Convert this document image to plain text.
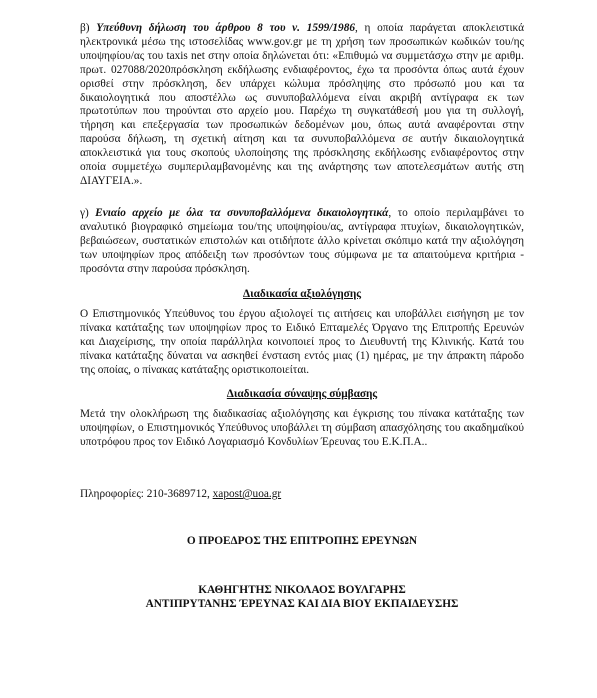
β) Υπεύθυνη δήλωση του άρθρου 8 του ν. 1599/1986, η οποία παράγεται αποκλειστικά ηλεκτρονικά μέσω της ιστοσελίδας www.gov.gr με τη χρήση των προσωπικών κωδικών του/ης υποψηφίου/ας του taxis net στην οποία δηλώνεται ότι: «Επιθυμώ να συμμετάσχω στην με αριθμ. πρωτ. 027088/2020πρόσκληση εκδήλωσης ενδιαφέροντος, έχω τα προσόντα όπως αυτά έχουν ορισθεί στην πρόσκληση, δεν υπάρχει κώλυμα πρόσληψης στο πρόσωπό μου και τα δικαιολογητικά που αποστέλλω ως συνυποβαλλόμενα είναι ακριβή αντίγραφα εκ των πρωτοτύπων που τηρούνται στο αρχείο μου. Παρέχω τη συγκατάθεσή μου για τη συλλογή, τήρηση και επεξεργασία των προσωπικών δεδομένων μου, όπως αυτά αναφέρονται στην παρούσα δήλωση, τη σχετική αίτηση και τα συνυποβαλλόμενα σε αυτήν δικαιολογητικά αποκλειστικά για τους σκοπούς υλοποίησης της πρόσκλησης εκδήλωσης ενδιαφέροντος στην οποία συμμετέχω συμπεριλαμβανομένης και της ανάρτησης των αποτελεσμάτων αυτής στη ΔΙΑΥΓΕΙΑ.».

γ) Ενιαίο αρχείο με όλα τα συνυποβαλλόμενα δικαιολογητικά, το οποίο περιλαμβάνει το αναλυτικό βιογραφικό σημείωμα του/της υποψηφίου/ας, αντίγραφα πτυχίων, δικαιολογητικών, βεβαιώσεων, συστατικών επιστολών και οτιδήποτε άλλο κρίνεται σκόπιμο κατά την αξιολόγηση των υποψηφίων προς απόδειξη των προσόντων τους σύμφωνα με τα απαιτούμενα κριτήρια - προσόντα στην παρούσα πρόσκληση.

Διαδικασία αξιολόγησης

Ο Επιστημονικός Υπεύθυνος του έργου αξιολογεί τις αιτήσεις και υποβάλλει εισήγηση με τον πίνακα κατάταξης των υποψηφίων προς το Ειδικό Επταμελές Όργανο της Επιτροπής Ερευνών και Διαχείρισης, την οποία παράλληλα κοινοποιεί προς τo Διευθυντή της Κλινικής. Κατά του πίνακα κατάταξης δύναται να ασκηθεί ένσταση εντός μιας (1) ημέρας, με την άπρακτη πάροδο της οποίας, ο πίνακας κατάταξης οριστικοποιείται.

Διαδικασία σύναψης σύμβασης

Μετά την ολοκλήρωση της διαδικασίας αξιολόγησης και έγκρισης του πίνακα κατάταξης των υποψηφίων, ο Επιστημονικός Υπεύθυνος υποβάλλει τη σύμβαση απασχόλησης του ακαδημαϊκού υποτρόφου προς τον Ειδικό Λογαριασμό Κονδυλίων Έρευνας του Ε.Κ.Π.Α..

Πληροφορίες: 210-3689712, xapost@uoa.gr

Ο ΠΡΟΕΔΡΟΣ ΤΗΣ ΕΠΙΤΡΟΠΗΣ ΕΡΕΥΝΩΝ

ΚΑΘΗΓΗΤΗΣ ΝΙΚΟΛΑΟΣ ΒΟΥΛΓΑΡΗΣ

ΑΝΤΙΠΡΥΤΑΝΗΣ ΈΡΕΥΝΑΣ ΚΑΙ ΔΙΑ ΒΙΟΥ ΕΚΠΑΙΔΕΥΣΗΣ
